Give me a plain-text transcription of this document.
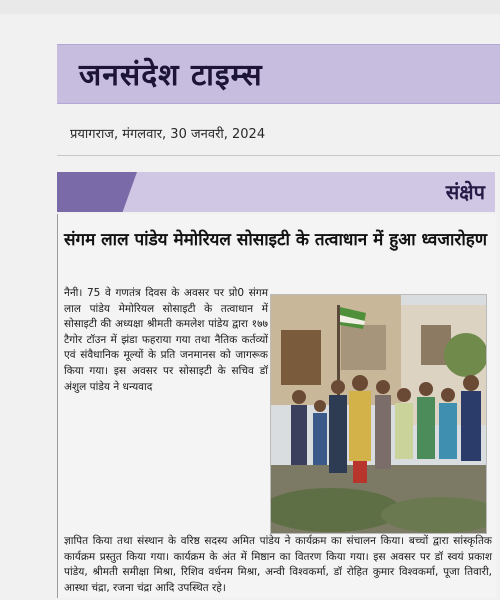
जनसंदेश टाइम्स
प्रयागराज, मंगलवार, 30 जनवरी, 2024
संक्षेप
संगम लाल पांडेय मेमोरियल सोसाइटी के तत्वाधान में हुआ ध्वजारोहण
नैनी। 75 वे गणतंत्र दिवस के अवसर पर प्रो0 संगम लाल पांडेय मेमोरियल सोसाइटी के तत्वाधान में सोसाइटी की अध्यक्षा श्रीमती कमलेश पांडेय द्वारा १७७ टैगोर टॉउन में झंडा फहराया गया तथा नैतिक कर्तव्यों एवं संवैधानिक मूल्यों के प्रति जनमानस को जागरूक किया गया। इस अवसर पर सोसाइटी के सचिव डॉ अंशुल पांडेय ने धन्यवाद
ज्ञापित किया तथा संस्थान के वरिष्ठ सदस्य अमित पांडेय ने कार्यक्रम का संचालन किया। बच्चों द्वारा सांस्कृतिक कार्यक्रम प्रस्तुत किया गया। कार्यक्रम के अंत में मिष्ठान का वितरण किया गया। इस अवसर पर डॉ स्वयं प्रकाश पांडेय, श्रीमती समीक्षा मिश्रा, रिशिव वर्धनम मिश्रा, अन्वी विश्वकर्मा, डॉ रोहित कुमार विश्वकर्मा, पूजा तिवारी, आस्था चंद्रा, रजना चंद्रा आदि उपस्थित रहे।
